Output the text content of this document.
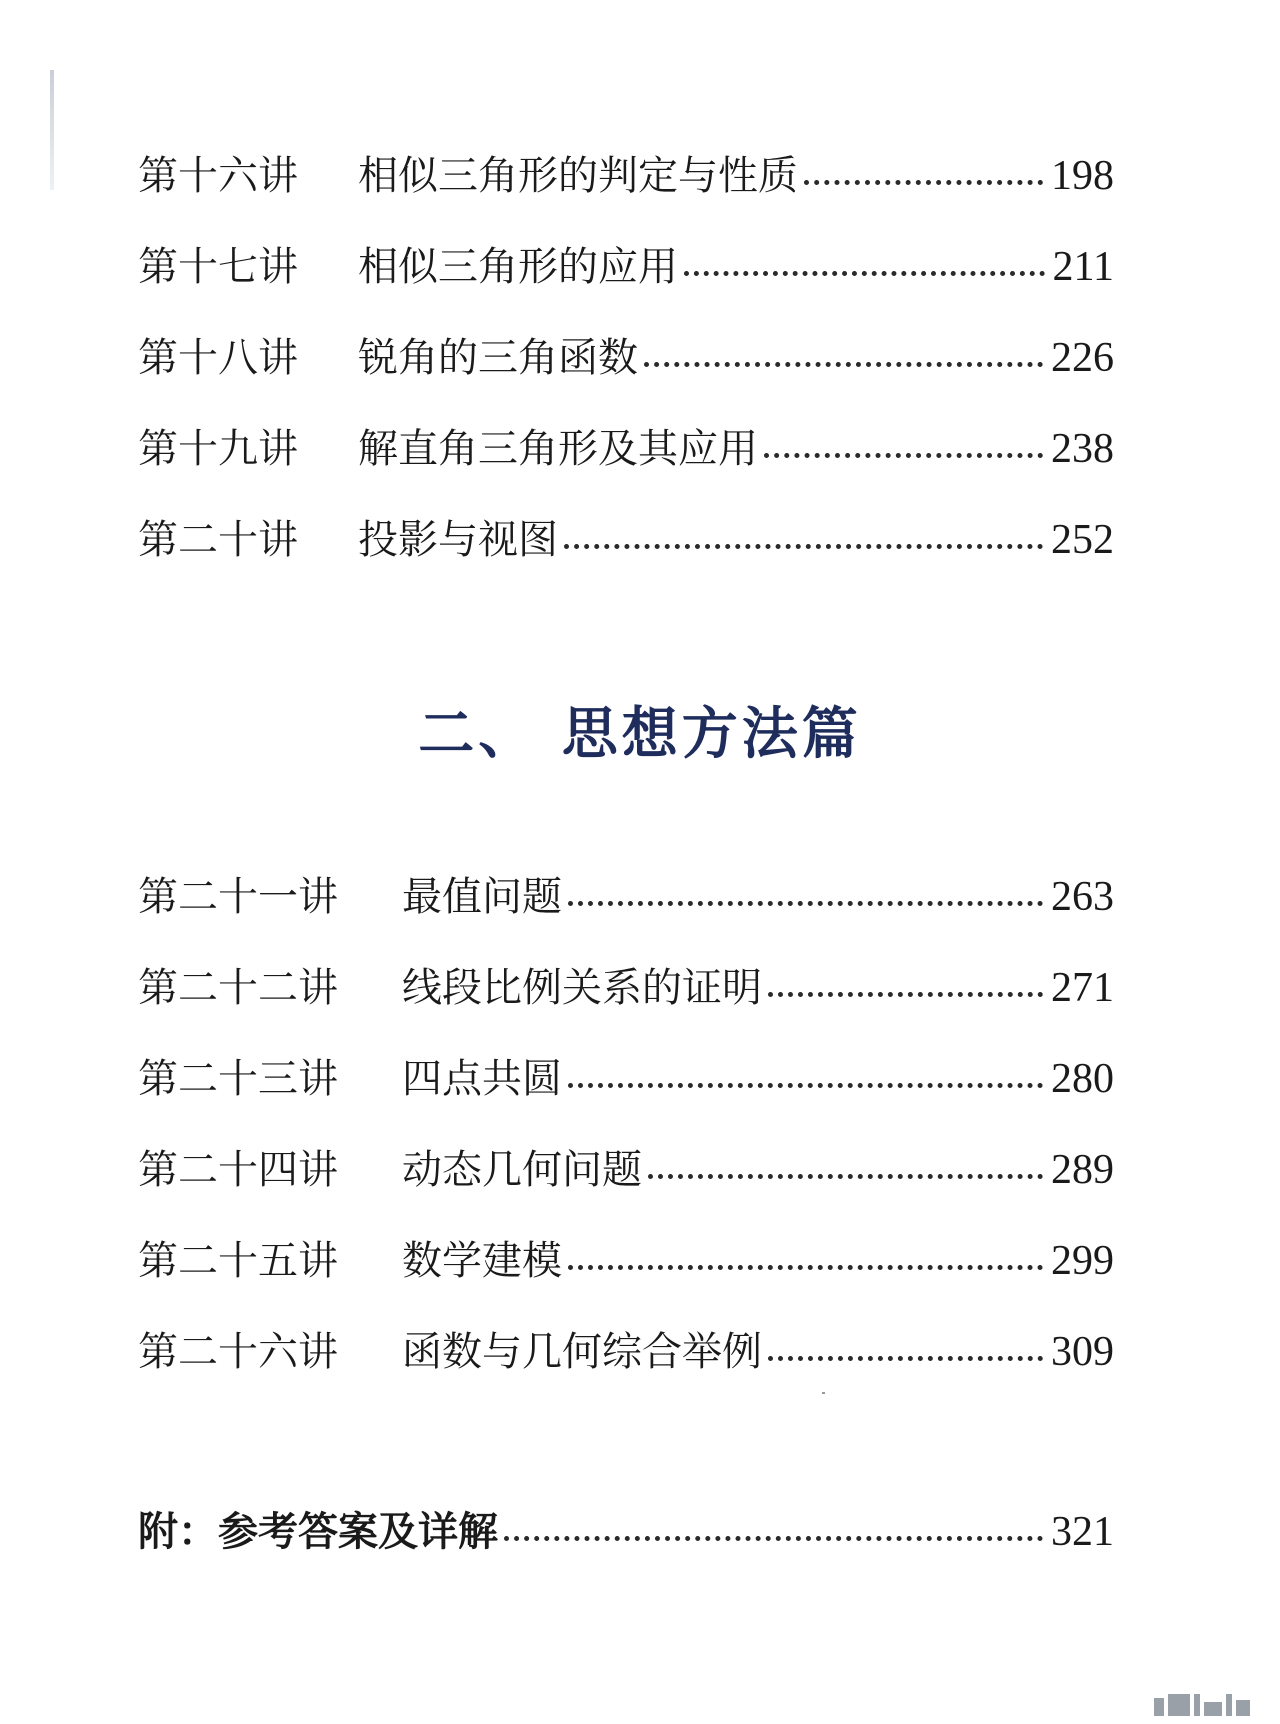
第十六讲	相似三角形的判定与性质	198
第十七讲	相似三角形的应用	211
第十八讲	锐角的三角函数	226
第十九讲	解直角三角形及其应用	238
第二十讲	投影与视图	252
二、 思想方法篇
第二十一讲	最值问题	263
第二十二讲	线段比例关系的证明	271
第二十三讲	四点共圆	280
第二十四讲	动态几何问题	289
第二十五讲	数学建模	299
第二十六讲	函数与几何综合举例	309
附：参考答案及详解	321
